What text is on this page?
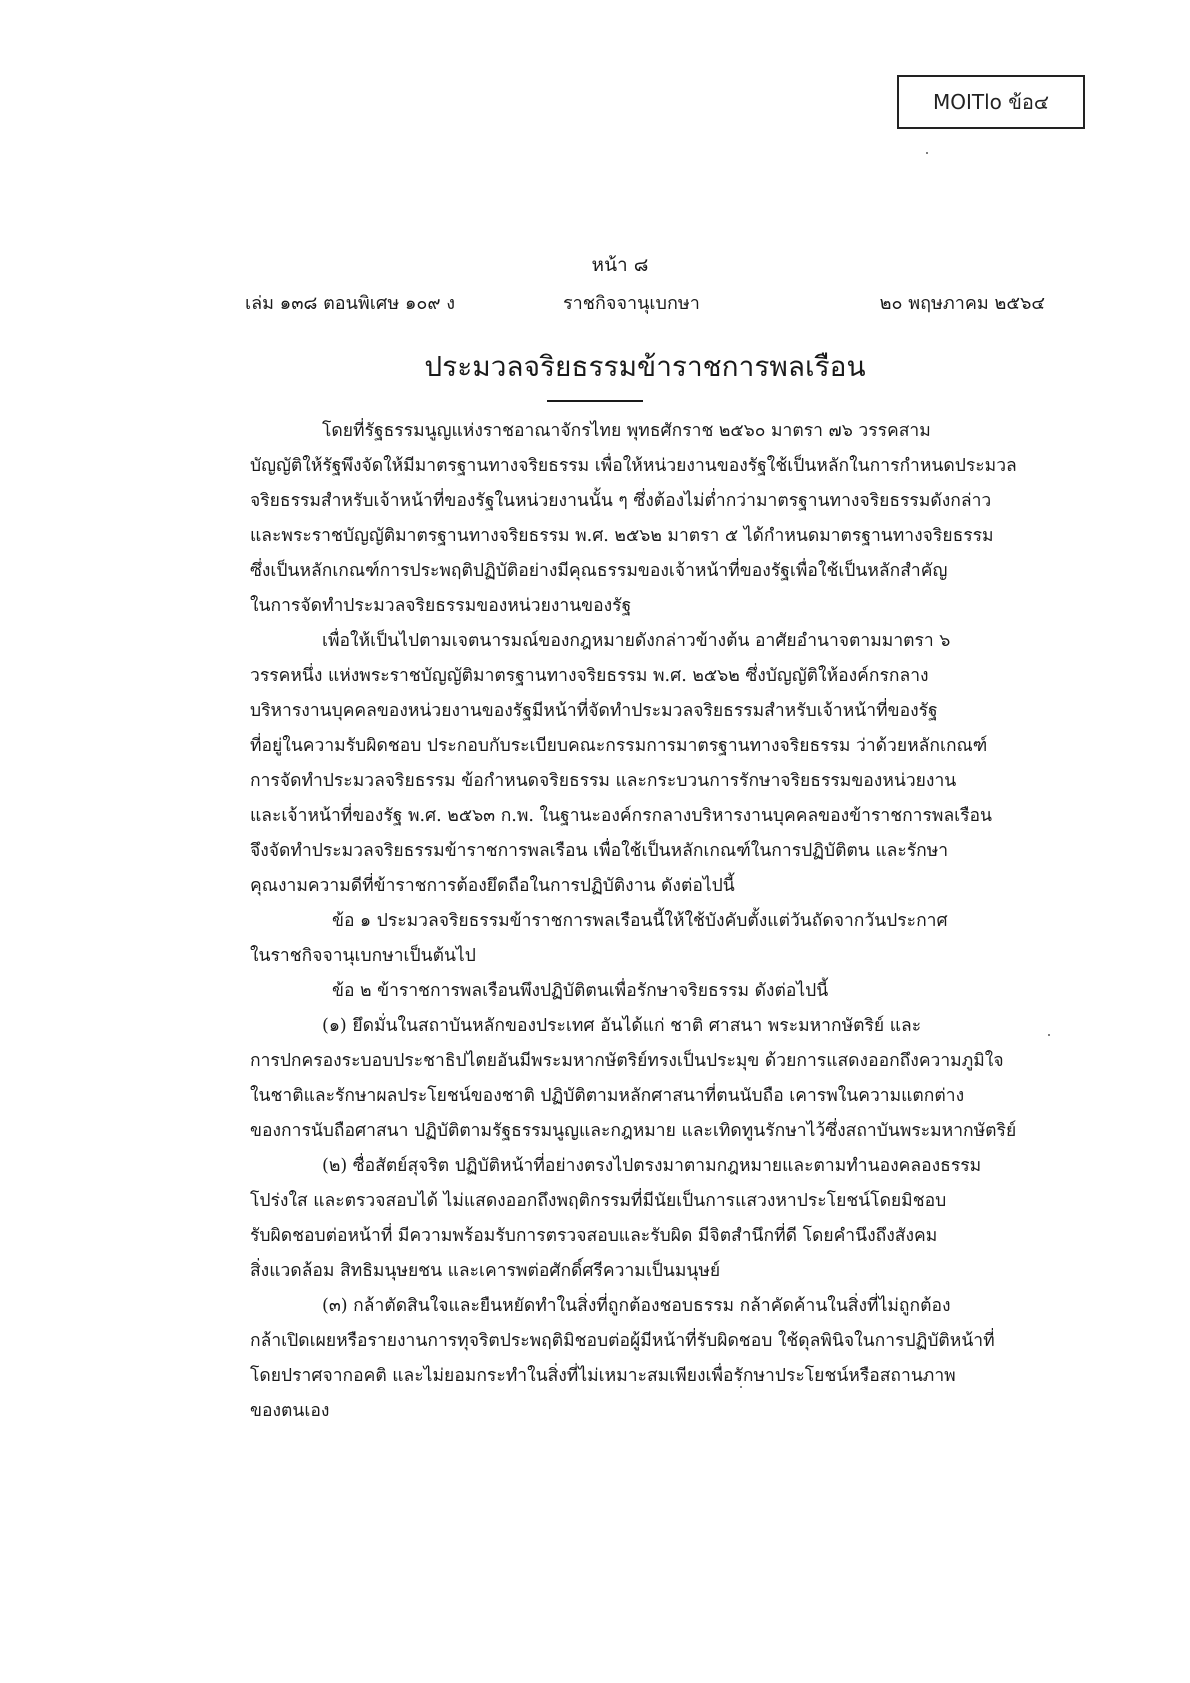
MOITlo ข้อ๔
หน้า ๘
เล่ม ๑๓๘ ตอนพิเศษ ๑๐๙ ง	ราชกิจจานุเบกษา	๒๐ พฤษภาคม ๒๕๖๔
ประมวลจริยธรรมข้าราชการพลเรือน
โดยที่รัฐธรรมนูญแห่งราชอาณาจักรไทย พุทธศักราช ๒๕๖๐ มาตรา ๗๖ วรรคสาม
บัญญัติให้รัฐพึงจัดให้มีมาตรฐานทางจริยธรรม เพื่อให้หน่วยงานของรัฐใช้เป็นหลักในการกำหนดประมวล
จริยธรรมสำหรับเจ้าหน้าที่ของรัฐในหน่วยงานนั้น ๆ ซึ่งต้องไม่ต่ำกว่ามาตรฐานทางจริยธรรมดังกล่าว
และพระราชบัญญัติมาตรฐานทางจริยธรรม พ.ศ. ๒๕๖๒ มาตรา ๕ ได้กำหนดมาตรฐานทางจริยธรรม
ซึ่งเป็นหลักเกณฑ์การประพฤติปฏิบัติอย่างมีคุณธรรมของเจ้าหน้าที่ของรัฐเพื่อใช้เป็นหลักสำคัญ
ในการจัดทำประมวลจริยธรรมของหน่วยงานของรัฐ
เพื่อให้เป็นไปตามเจตนารมณ์ของกฎหมายดังกล่าวข้างต้น อาศัยอำนาจตามมาตรา ๖
วรรคหนึ่ง แห่งพระราชบัญญัติมาตรฐานทางจริยธรรม พ.ศ. ๒๕๖๒ ซึ่งบัญญัติให้องค์กรกลาง
บริหารงานบุคคลของหน่วยงานของรัฐมีหน้าที่จัดทำประมวลจริยธรรมสำหรับเจ้าหน้าที่ของรัฐ
ที่อยู่ในความรับผิดชอบ ประกอบกับระเบียบคณะกรรมการมาตรฐานทางจริยธรรม ว่าด้วยหลักเกณฑ์
การจัดทำประมวลจริยธรรม ข้อกำหนดจริยธรรม และกระบวนการรักษาจริยธรรมของหน่วยงาน
และเจ้าหน้าที่ของรัฐ พ.ศ. ๒๕๖๓ ก.พ. ในฐานะองค์กรกลางบริหารงานบุคคลของข้าราชการพลเรือน
จึงจัดทำประมวลจริยธรรมข้าราชการพลเรือน เพื่อใช้เป็นหลักเกณฑ์ในการปฏิบัติตน และรักษา
คุณงามความดีที่ข้าราชการต้องยึดถือในการปฏิบัติงาน ดังต่อไปนี้
ข้อ ๑ ประมวลจริยธรรมข้าราชการพลเรือนนี้ให้ใช้บังคับตั้งแต่วันถัดจากวันประกาศ
ในราชกิจจานุเบกษาเป็นต้นไป
ข้อ ๒ ข้าราชการพลเรือนพึงปฏิบัติตนเพื่อรักษาจริยธรรม ดังต่อไปนี้
(๑) ยึดมั่นในสถาบันหลักของประเทศ อันได้แก่ ชาติ ศาสนา พระมหากษัตริย์ และ
การปกครองระบอบประชาธิปไตยอันมีพระมหากษัตริย์ทรงเป็นประมุข ด้วยการแสดงออกถึงความภูมิใจ
ในชาติและรักษาผลประโยชน์ของชาติ ปฏิบัติตามหลักศาสนาที่ตนนับถือ เคารพในความแตกต่าง
ของการนับถือศาสนา ปฏิบัติตามรัฐธรรมนูญและกฎหมาย และเทิดทูนรักษาไว้ซึ่งสถาบันพระมหากษัตริย์
(๒) ซื่อสัตย์สุจริต ปฏิบัติหน้าที่อย่างตรงไปตรงมาตามกฎหมายและตามทำนองคลองธรรม
โปร่งใส และตรวจสอบได้ ไม่แสดงออกถึงพฤติกรรมที่มีนัยเป็นการแสวงหาประโยชน์โดยมิชอบ
รับผิดชอบต่อหน้าที่ มีความพร้อมรับการตรวจสอบและรับผิด มีจิตสำนึกที่ดี โดยคำนึงถึงสังคม
สิ่งแวดล้อม สิทธิมนุษยชน และเคารพต่อศักดิ์ศรีความเป็นมนุษย์
(๓) กล้าตัดสินใจและยืนหยัดทำในสิ่งที่ถูกต้องชอบธรรม กล้าคัดค้านในสิ่งที่ไม่ถูกต้อง
กล้าเปิดเผยหรือรายงานการทุจริตประพฤติมิชอบต่อผู้มีหน้าที่รับผิดชอบ ใช้ดุลพินิจในการปฏิบัติหน้าที่
โดยปราศจากอคติ และไม่ยอมกระทำในสิ่งที่ไม่เหมาะสมเพียงเพื่อรักษาประโยชน์หรือสถานภาพ
ของตนเอง
